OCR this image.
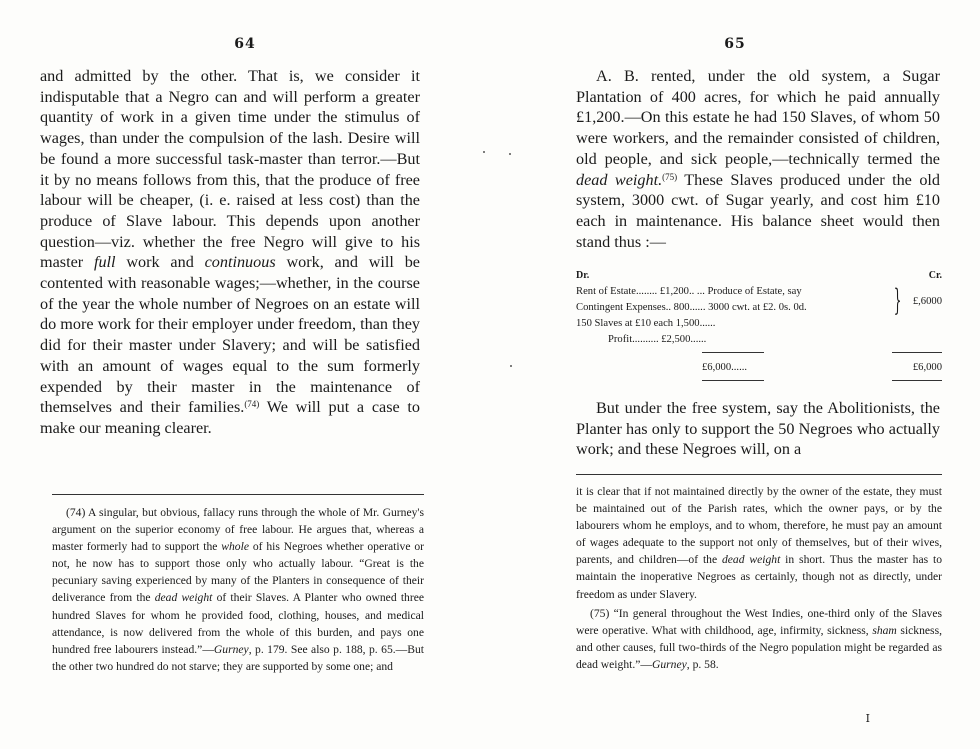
64

and admitted by the other. That is, we consider it indisputable that a Negro can and will perform a greater quantity of work in a given time under the stimulus of wages, than under the compulsion of the lash. Desire will be found a more successful task-master than terror.—But it by no means follows from this, that the produce of free labour will be cheaper, (i. e. raised at less cost) than the produce of Slave labour. This depends upon another question—viz. whether the free Negro will give to his master full work and continuous work, and will be contented with reasonable wages;—whether, in the course of the year the whole number of Negroes on an estate will do more work for their employer under freedom, than they did for their master under Slavery; and will be satisfied with an amount of wages equal to the sum formerly expended by their master in the maintenance of themselves and their families.$^{(74)}$ We will put a case to make our meaning clearer.

(74) A singular, but obvious, fallacy runs through the whole of Mr. Gurney's argument on the superior economy of free labour. He argues that, whereas a master formerly had to support the whole of his Negroes whether operative or not, he now has to support those only who actually labour. “Great is the pecuniary saving experienced by many of the Planters in consequence of their deliverance from the dead weight of their Slaves. A Planter who owned three hundred Slaves for whom he provided food, clothing, houses, and medical attendance, is now delivered from the whole of this burden, and pays one hundred free labourers instead.”—Gurney, p. 179. See also p. 188, p. 65.—But the other two hundred do not starve; they are supported by some one; and

65

A. B. rented, under the old system, a Sugar Plantation of 400 acres, for which he paid annually £1,200.—On this estate he had 150 Slaves, of whom 50 were workers, and the remainder consisted of children, old people, and sick people,—technically termed the dead weight.$^{(75)}$ These Slaves produced under the old system, 3000 cwt. of Sugar yearly, and cost him £10 each in maintenance. His balance sheet would then stand thus :—

Dr.	Cr.
Rent of Estate........ £1,200.. ... Produce of Estate, say
Contingent Expenses.. 800...... 3000 cwt. at £2. 0s. 0d.	} £,6000
150 Slaves at £10 each 1,500......
Profit.......... £2,500......
£6,000......	£6,000

But under the free system, say the Abolitionists, the Planter has only to support the 50 Negroes who actually work; and these Negroes will, on a

it is clear that if not maintained directly by the owner of the estate, they must be maintained out of the Parish rates, which the owner pays, or by the labourers whom he employs, and to whom, therefore, he must pay an amount of wages adequate to the support not only of themselves, but of their wives, parents, and children—of the dead weight in short. Thus the master has to maintain the inoperative Negroes as certainly, though not as directly, under freedom as under Slavery.

(75) “In general throughout the West Indies, one-third only of the Slaves were operative. What with childhood, age, infirmity, sickness, sham sickness, and other causes, full two-thirds of the Negro population might be regarded as dead weight.”—Gurney, p. 58.

I
